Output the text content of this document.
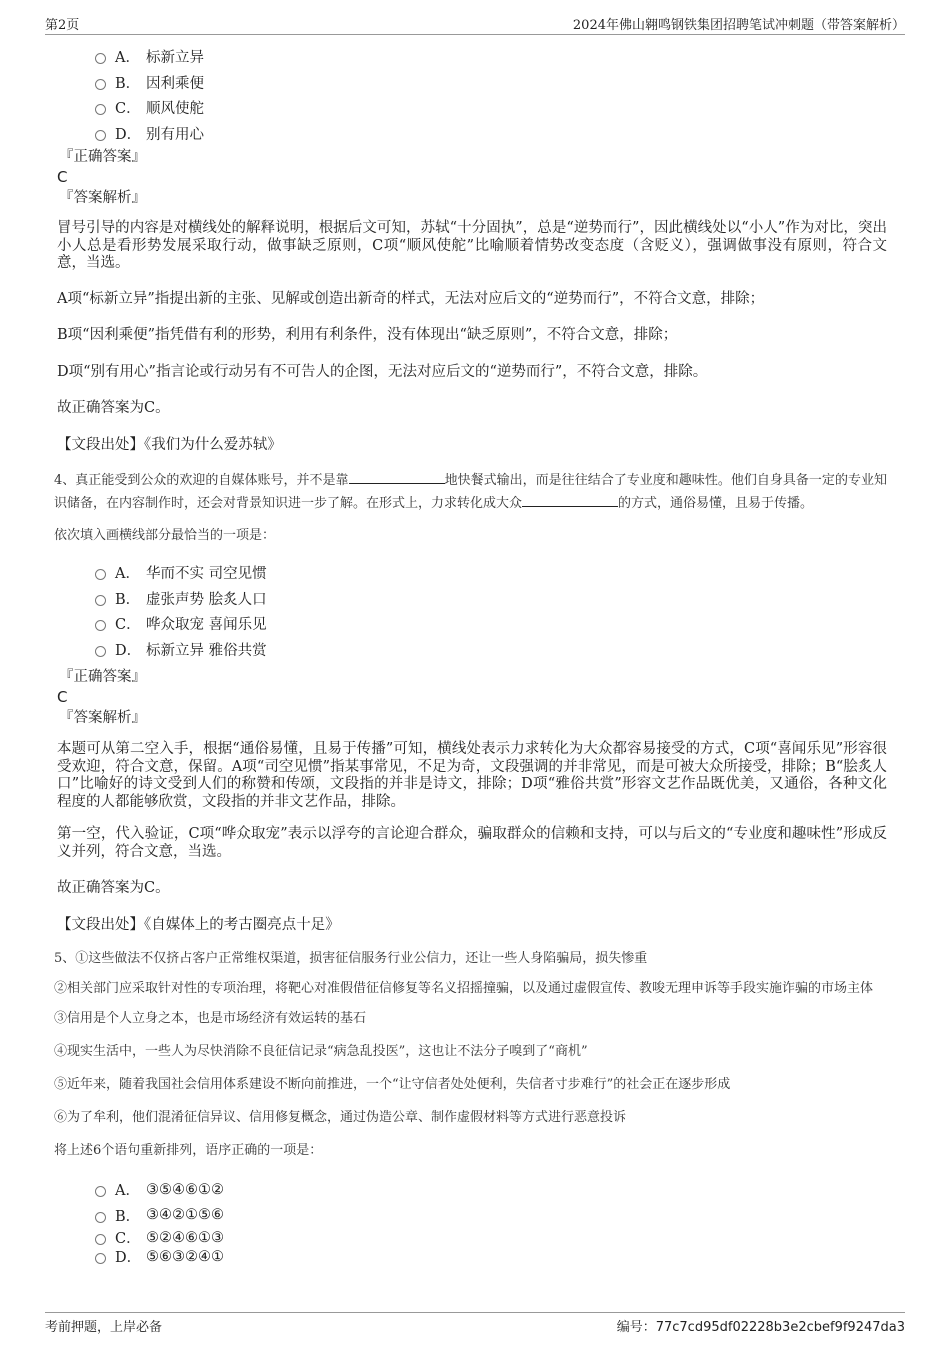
第2页	2024年佛山翱鸣钢铁集团招聘笔试冲刺题（带答案解析）
A． 标新立异
B． 因利乘便
C． 顺风使舵
D． 别有用心
『正确答案』
C
『答案解析』
冒号引导的内容是对横线处的解释说明，根据后文可知，苏轼“十分固执”，总是“逆势而行”，因此横线处以“小人”作为对比，突出小人总是看形势发展采取行动，做事缺乏原则，C项“顺风使舵”比喻顺着情势改变态度（含贬义），强调做事没有原则，符合文意，当选。
A项“标新立异”指提出新的主张、见解或创造出新奇的样式，无法对应后文的“逆势而行”，不符合文意，排除；
B项“因利乘便”指凭借有利的形势，利用有利条件，没有体现出“缺乏原则”，不符合文意，排除；
D项“别有用心”指言论或行动另有不可告人的企图，无法对应后文的“逆势而行”，不符合文意，排除。
故正确答案为C。
【文段出处】《我们为什么爱苏轼》
4、真正能受到公众的欢迎的自媒体账号，并不是靠	地快餐式输出，而是往往结合了专业度和趣味性。他们自身具备一定的专业知识储备，在内容制作时，还会对背景知识进一步了解。在形式上，力求转化成大众	的方式，通俗易懂，且易于传播。
依次填入画横线部分最恰当的一项是：
A． 华而不实 司空见惯
B． 虚张声势 脍炙人口
C． 哗众取宠 喜闻乐见
D． 标新立异 雅俗共赏
『正确答案』
C
『答案解析』
本题可从第二空入手，根据“通俗易懂，且易于传播”可知，横线处表示力求转化为大众都容易接受的方式，C项“喜闻乐见”形容很受欢迎，符合文意，保留。A项“司空见惯”指某事常见，不足为奇，文段强调的并非常见，而是可被大众所接受，排除；B“脍炙人口”比喻好的诗文受到人们的称赞和传颂，文段指的并非是诗文，排除；D项“雅俗共赏”形容文艺作品既优美，又通俗，各种文化程度的人都能够欣赏，文段指的并非文艺作品，排除。
第一空，代入验证，C项“哗众取宠”表示以浮夸的言论迎合群众，骗取群众的信赖和支持，可以与后文的“专业度和趣味性”形成反义并列，符合文意，当选。
故正确答案为C。
【文段出处】《自媒体上的考古圈亮点十足》
5、①这些做法不仅挤占客户正常维权渠道，损害征信服务行业公信力，还让一些人身陷骗局，损失惨重
②相关部门应采取针对性的专项治理，将靶心对准假借征信修复等名义招摇撞骗，以及通过虚假宣传、教唆无理申诉等手段实施诈骗的市场主体
③信用是个人立身之本，也是市场经济有效运转的基石
④现实生活中，一些人为尽快消除不良征信记录“病急乱投医”，这也让不法分子嗅到了“商机”
⑤近年来，随着我国社会信用体系建设不断向前推进，一个“让守信者处处便利，失信者寸步难行”的社会正在逐步形成
⑥为了牟利，他们混淆征信异议、信用修复概念，通过伪造公章、制作虚假材料等方式进行恶意投诉
将上述6个语句重新排列，语序正确的一项是：
A． ③⑤④⑥①②
B． ③④②①⑤⑥
C． ⑤②④⑥①③
D． ⑤⑥③②④①
考前押题，上岸必备	编号：77c7cd95df02228b3e2cbef9f9247da3
